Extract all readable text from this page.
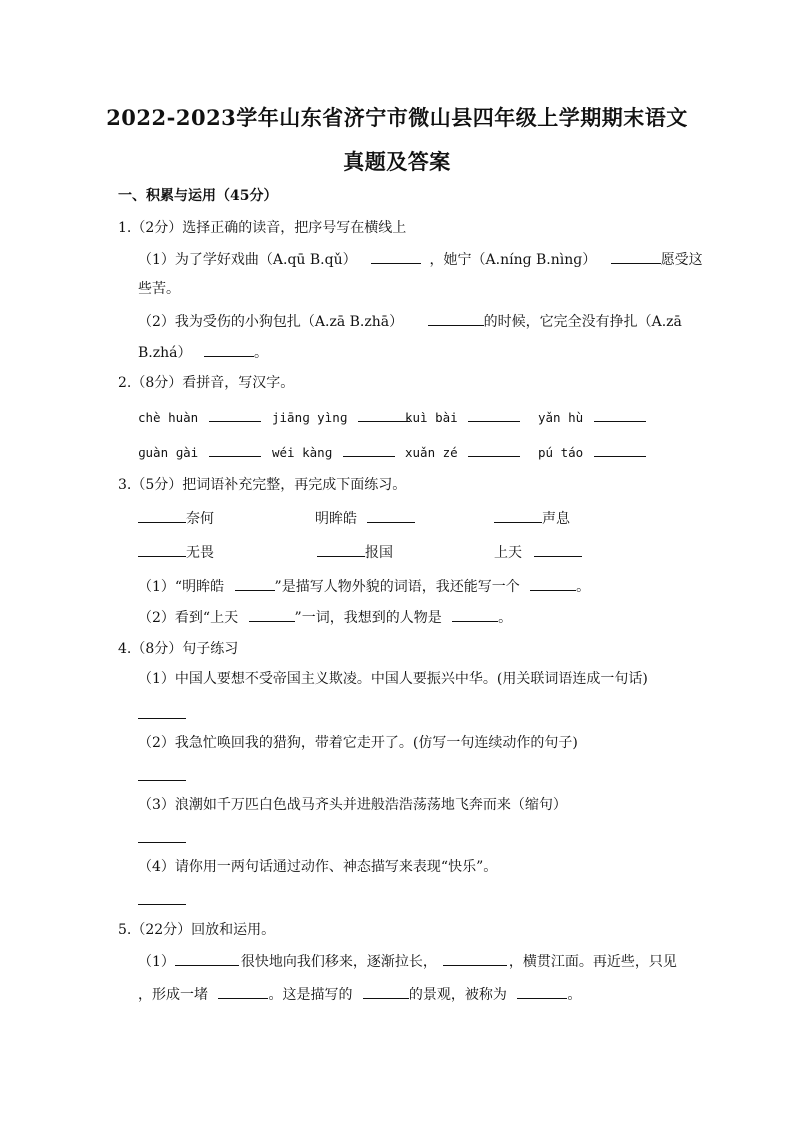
2022-2023学年山东省济宁市微山县四年级上学期期末语文
真题及答案
一、积累与运用（45分）
1.（2分）选择正确的读音，把序号写在横线上
（1）为了学好戏曲（A.qū B.qǔ）	，她宁（A.nínɡ B.nìnɡ）	愿受这
些苦。
（2）我为受伤的小狗包扎（A.zā B.zhā）	的时候，它完全没有挣扎（A.zā
B.zhá）	。
2.（8分）看拼音，写汉字。
chè huàn	jiānɡ yìnɡ	kuì bài	yǎn hù
ɡuàn ɡài	wéi kànɡ	xuǎn zé	pú táo
3.（5分）把词语补充完整，再完成下面练习。
奈何	明眸皓	声息
无畏	报国	上天
（1）“明眸皓	”是描写人物外貌的词语，我还能写一个	。
（2）看到“上天	”一词，我想到的人物是	。
4.（8分）句子练习
（1）中国人要想不受帝国主义欺凌。中国人要振兴中华。(用关联词语连成一句话)
（2）我急忙唤回我的猎狗，带着它走开了。(仿写一句连续动作的句子)
（3）浪潮如千万匹白色战马齐头并进般浩浩荡荡地飞奔而来（缩句）
（4）请你用一两句话通过动作、神态描写来表现“快乐”。
5.（22分）回放和运用。
（1）	很快地向我们移来，逐渐拉长，	，横贯江面。再近些，只见
，形成一堵	。这是描写的	的景观，被称为	。
